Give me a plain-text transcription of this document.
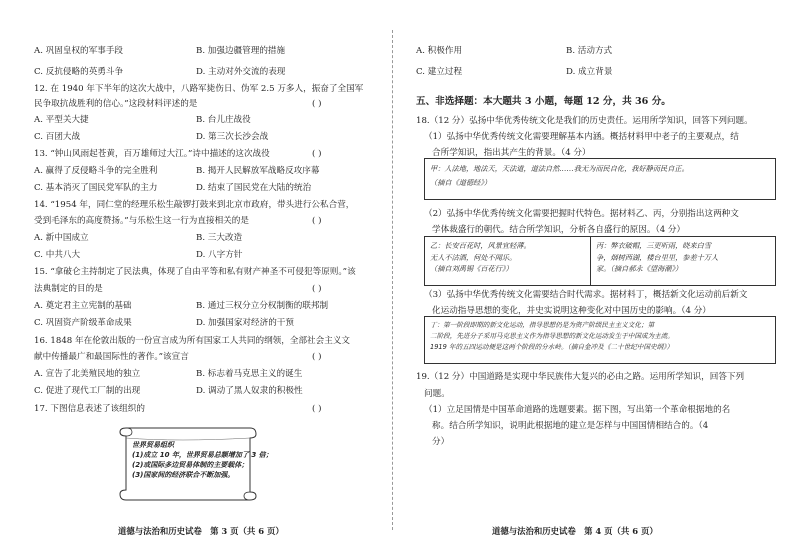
A. 巩固皇权的军事手段	B. 加强边疆管理的措施
C. 反抗侵略的英勇斗争	D. 主动对外交流的表现
12. 在 1940 年下半年的这次大战中，八路军毙伤日、伪军 2.5 万多人，振奋了全国军
民争取抗战胜利的信心。”这段材料评述的是	( )
A. 平型关大捷	B. 台儿庄战役
C. 百团大战	D. 第三次长沙会战
13. “钟山风雨起苍黄，百万雄师过大江。”诗中描述的这次战役	( )
A. 赢得了反侵略斗争的完全胜利	B. 揭开人民解放军战略反攻序幕
C. 基本消灭了国民党军队的主力	D. 结束了国民党在大陆的统治
14. “1954 年，同仁堂的经理乐松生敲锣打鼓来到北京市政府，带头进行公私合营，
受到毛泽东的高度赞扬。”与乐松生这一行为直接相关的是	( )
A. 新中国成立	B. 三大改造
C. 中共八大	D. 八字方针
15. “拿破仑主持制定了民法典，体现了自由平等和私有财产神圣不可侵犯等原则。”该
法典制定的目的是	( )
A. 奠定君主立宪制的基础	B. 通过三权分立分权制衡的联邦制
C. 巩固资产阶级革命成果	D. 加强国家对经济的干预
16. 1848 年在伦敦出版的一份宣言成为所有国家工人共同的纲领，全部社会主义文
献中传播最广和最国际性的著作。”该宣言	( )
A. 宣告了北美殖民地的独立	B. 标志着马克思主义的诞生
C. 促进了现代工厂制的出现	D. 调动了黑人奴隶的积极性
17. 下图信息表述了该组织的	( )
世界贸易组织
(1)成立 10 年，世界贸易总额增加了 3 倍；
(2)或国际多边贸易体制的主要载体；
(3)国家间的经济联合不断加强。
道德与法治和历史试卷　第 3 页（共 6 页）
A. 积极作用	B. 活动方式
C. 建立过程	D. 成立背景
五、非选择题：本大题共 3 小题，每题 12 分，共 36 分。
18.（12 分）弘扬中华优秀传统文化是我们的历史责任。运用所学知识，回答下列问题。
（1）弘扬中华优秀传统文化需要理解基本内涵。概括材料甲中老子的主要观点，结
合所学知识，指出其产生的背景。（4 分）
甲：人法地，地法天，天法道，道法自然……我无为而民自化，我好静而民自正。
（摘自《道德经》）
（2）弘扬中华优秀传统文化需要把握时代特色。据材料乙、丙，分别指出这两种文
学体裁盛行的朝代。结合所学知识，分析各自盛行的原因。（4 分）
乙：长安百花时，风景宜轻薄。
无人不沽酒，何处不闻乐。
（摘自刘禹锡《百花行》）
丙：弊衣破帽，三更听雨，晓来白雪
争，烟树西湖，楼台里里，参差十万人
家。（摘自郝永《望海潮》）
（3）弘扬中华优秀传统文化需要结合时代需求。据材料丁，概括新文化运动前后新文
化运动指导思想的变化，并史实说明这种变化对中国历史的影响。（4 分）
丁：第一阶段即期的新文化运动，指导思想仍是为资产阶级民主主义文化；第
二阶段，先进分子采用马克思主义作为指导思想的新文化运动发生于中国成为主流。
1919 年的五四运动便是这两个阶段的分水岭。（摘自金冲及《二十世纪中国史纲》）
19.（12 分）中国道路是实现中华民族伟大复兴的必由之路。运用所学知识，回答下列
问题。
（1）立足国情是中国革命道路的选题要素。据下图，写出第一个革命根据地的名
称。结合所学知识，说明此根据地的建立是怎样与中国国情相结合的。（4
分）
道德与法治和历史试卷　第 4 页（共 6 页）
